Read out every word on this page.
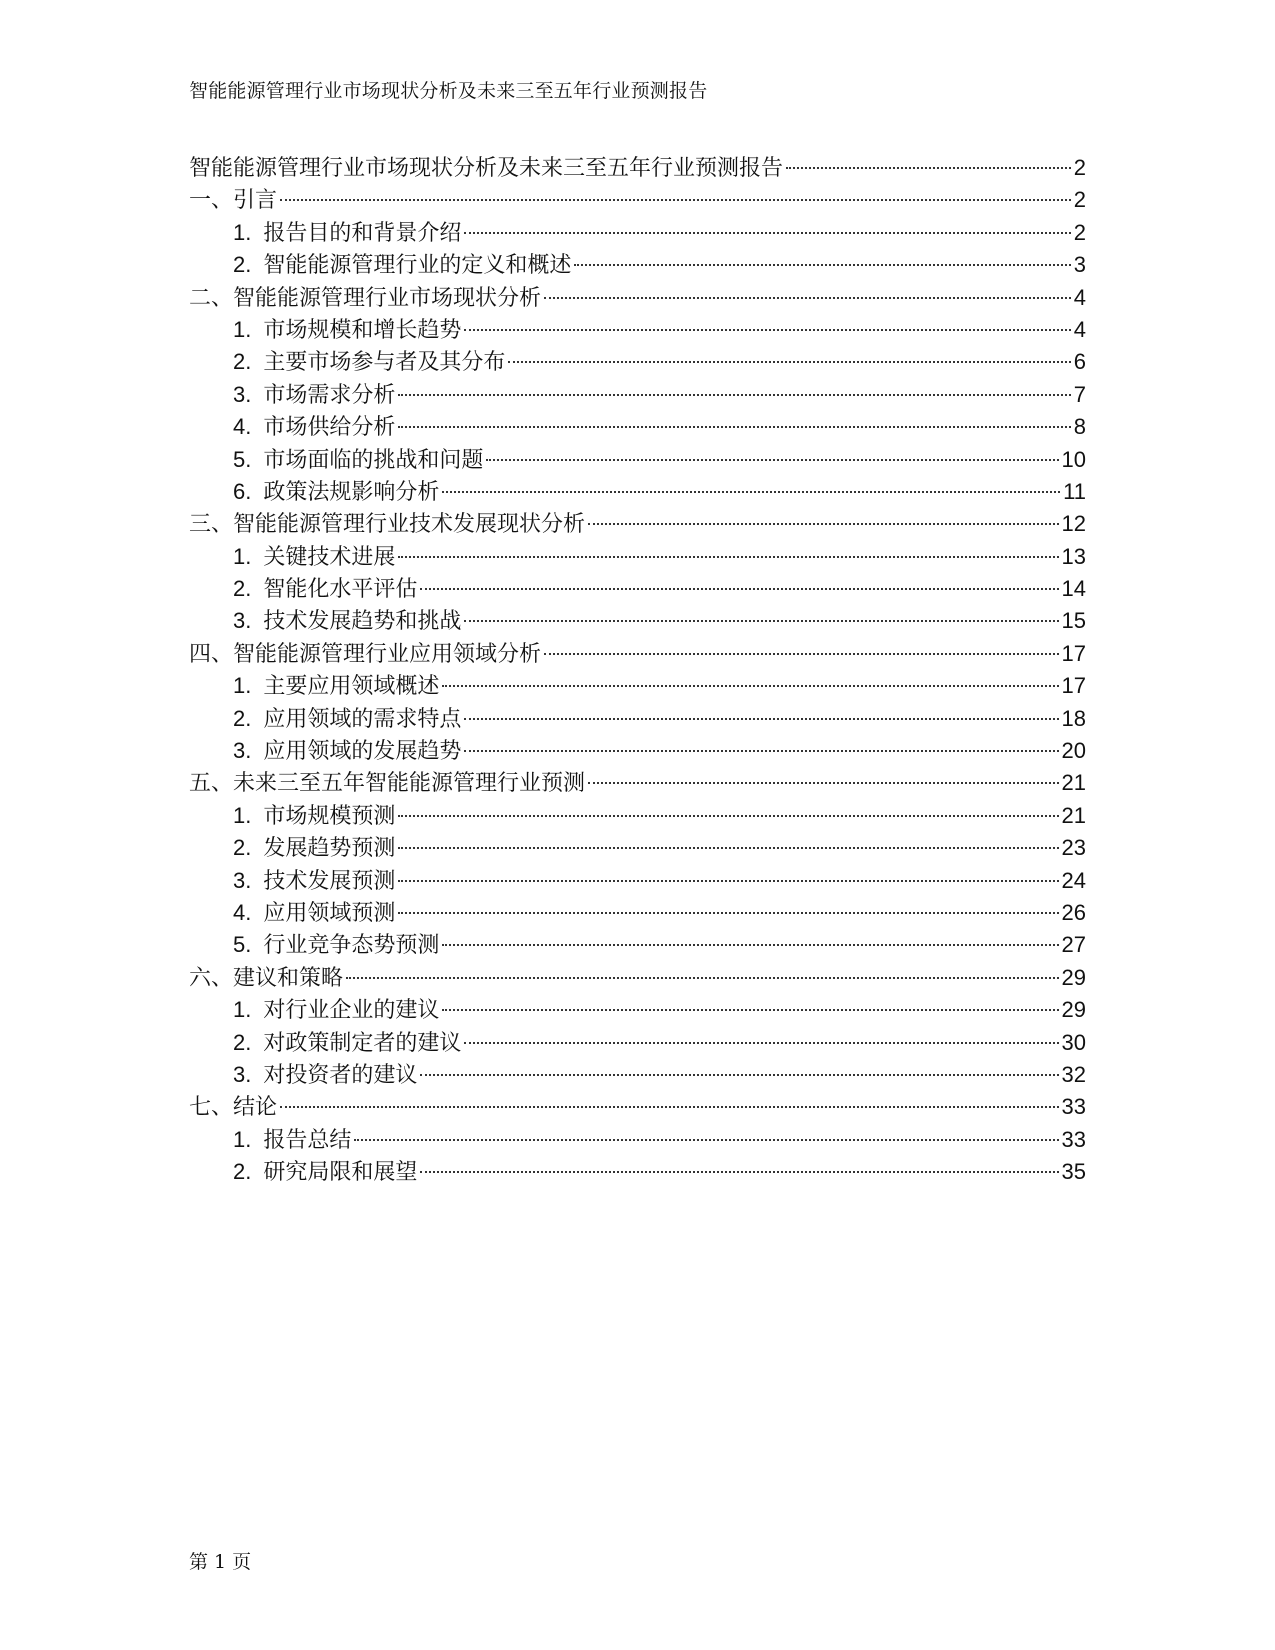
智能能源管理行业市场现状分析及未来三至五年行业预测报告
智能能源管理行业市场现状分析及未来三至五年行业预测报告	2
一、引言	2
1. 报告目的和背景介绍	2
2. 智能能源管理行业的定义和概述	3
二、智能能源管理行业市场现状分析	4
1. 市场规模和增长趋势	4
2. 主要市场参与者及其分布	6
3. 市场需求分析	7
4. 市场供给分析	8
5. 市场面临的挑战和问题	10
6. 政策法规影响分析	11
三、智能能源管理行业技术发展现状分析	12
1. 关键技术进展	13
2. 智能化水平评估	14
3. 技术发展趋势和挑战	15
四、智能能源管理行业应用领域分析	17
1. 主要应用领域概述	17
2. 应用领域的需求特点	18
3. 应用领域的发展趋势	20
五、未来三至五年智能能源管理行业预测	21
1. 市场规模预测	21
2. 发展趋势预测	23
3. 技术发展预测	24
4. 应用领域预测	26
5. 行业竞争态势预测	27
六、建议和策略	29
1. 对行业企业的建议	29
2. 对政策制定者的建议	30
3. 对投资者的建议	32
七、结论	33
1. 报告总结	33
2. 研究局限和展望	35
第 1 页
